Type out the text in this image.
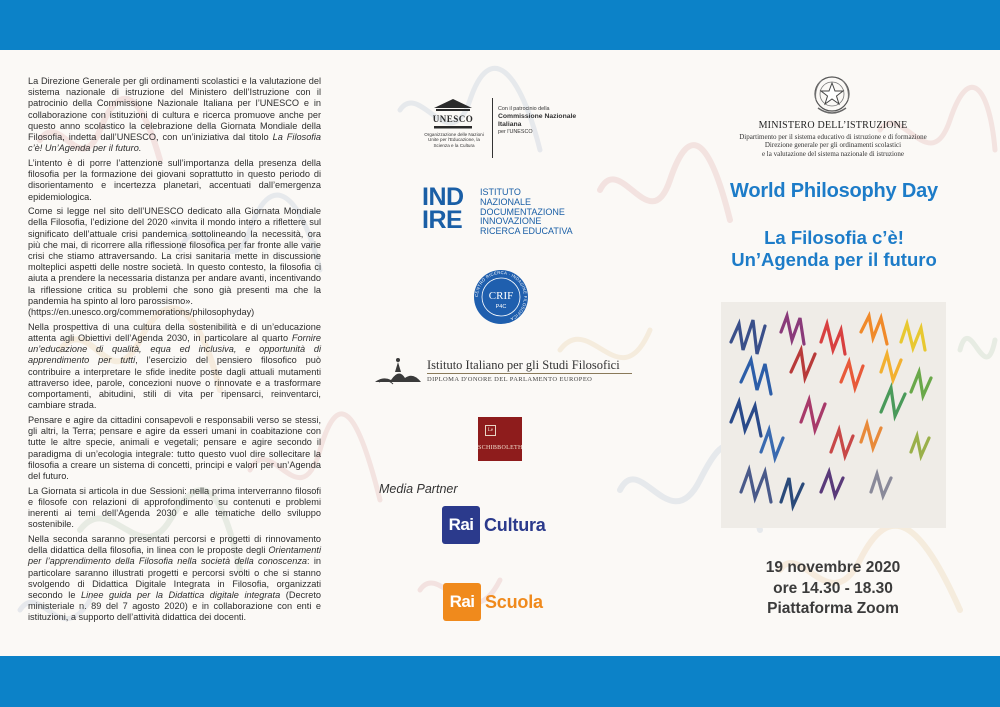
La Direzione Generale per gli ordinamenti scolastici e la valutazione del sistema nazionale di istruzione del Ministero dell’Istruzione con il patrocinio della Commissione Nazionale Italiana per l’UNESCO e in collaborazione con istituzioni di cultura e ricerca promuove anche per questo anno scolastico la celebrazione della Giornata Mondiale della Filosofia, indetta dall’UNESCO, con un’iniziativa dal titolo La Filosofia c’è! Un’Agenda per il futuro.

L’intento è di porre l’attenzione sull’importanza della presenza della filosofia per la formazione dei giovani soprattutto in questo periodo di disorientamento e incertezza planetari, accentuati dall’emergenza epidemiologica.

Come si legge nel sito dell’UNESCO dedicato alla Giornata Mondiale della Filosofia, l’edizione del 2020 «invita il mondo intero a riflettere sul significato dell’attuale crisi pandemica sottolineando la necessità, ora più che mai, di ricorrere alla riflessione filosofica per far fronte alle varie crisi che stiamo attraversando. La crisi sanitaria mette in discussione molteplici aspetti delle nostre società. In questo contesto, la filosofia ci aiuta a prendere la necessaria distanza per andare avanti, incentivando la riflessione critica su problemi che sono già presenti ma che la pandemia ha spinto al loro parossismo».
(https://en.unesco.org/commemorations/philosophyday)

Nella prospettiva di una cultura della sostenibilità e di un’educazione attenta agli Obiettivi dell’Agenda 2030, in particolare al quarto Fornire un’educazione di qualità, equa ed inclusiva, e opportunità di apprendimento per tutti, l’esercizio del pensiero filosofico può contribuire a interpretare le sfide inedite poste dagli attuali mutamenti attraverso idee, parole, concezioni nuove o rinnovate e a trasformare comportamenti, abitudini, stili di vita per ripensarci, reinventarci, cambiare strada.

Pensare e agire da cittadini consapevoli e responsabili verso se stessi, gli altri, la Terra; pensare e agire da esseri umani in coabitazione con tutte le altre specie, animali e vegetali; pensare e agire secondo il paradigma di un’ecologia integrale: tutto questo vuol dire sollecitare la filosofia a creare un sistema di concetti, principi e valori per un’Agenda del futuro.

La Giornata si articola in due Sessioni: nella prima interverranno filosofi e filosofe con relazioni di approfondimento su contenuti e problemi inerenti ai temi dell’Agenda 2030 e alle tematiche dello sviluppo sostenibile.

Nella seconda saranno presentati percorsi e progetti di rinnovamento della didattica della filosofia, in linea con le proposte degli Orientamenti per l’apprendimento della Filosofia nella società della conoscenza: in particolare saranno illustrati progetti e percorsi svolti o che si stanno svolgendo di Didattica Digitale Integrata in Filosofia, organizzati secondo le Linee guida per la Didattica digitale integrata (Decreto ministeriale n. 89 del 7 agosto 2020) e in collaborazione con enti e istituzioni, a supporto dell’attività didattica dei docenti.

UNESCO
Organizzazione delle Nazioni Unite per l'Educazione, la Scienza e la Cultura
Con il patrocinio della
Commissione Nazionale Italiana
per l'UNESCO
IND
IRE
ISTITUTO
NAZIONALE
DOCUMENTAZIONE
INNOVAZIONE
RICERCA EDUCATIVA
CENTRO RICERCA · INDAGINE FILOSOFICA
CRIF
P4C
Istituto Italiano per gli Studi Filosofici
DIPLOMA D'ONORE DEL PARLAMENTO EUROPEO
Le
SCHIBBOLETH
Media Partner
Rai Cultura
Rai Scuola
MINISTERO DELL’ISTRUZIONE
Dipartimento per il sistema educativo di istruzione e di formazione
Direzione generale per gli ordinamenti scolastici
e la valutazione del sistema nazionale di istruzione
World Philosophy Day
La Filosofia c’è!
Un’Agenda per il futuro
19 novembre 2020
ore 14.30 - 18.30
Piattaforma Zoom
